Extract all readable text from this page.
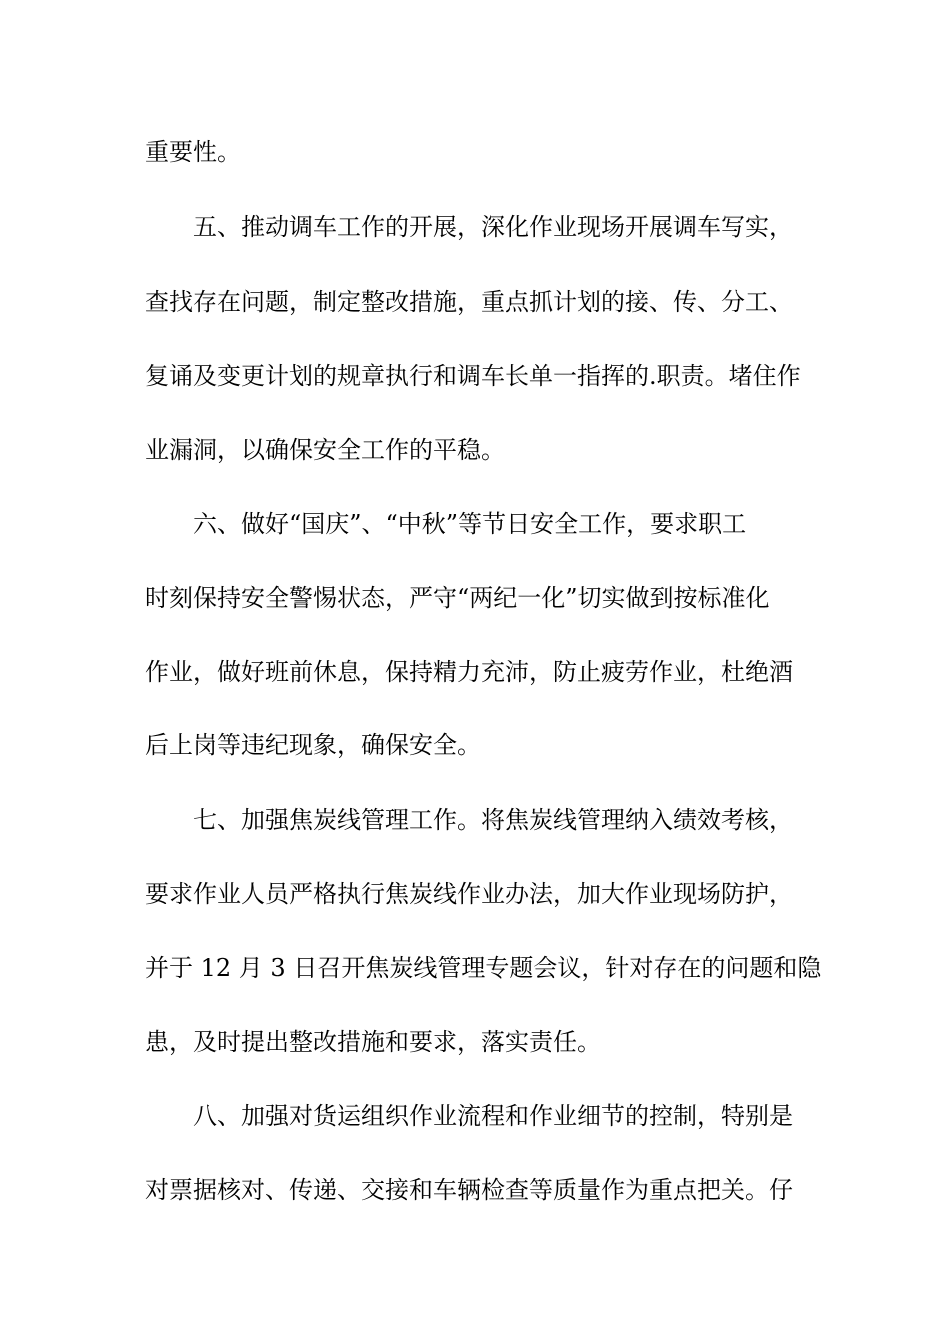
重要性。
五、推动调车工作的开展，深化作业现场开展调车写实，
查找存在问题，制定整改措施，重点抓计划的接、传、分工、
复诵及变更计划的规章执行和调车长单一指挥的.职责。堵住作
业漏洞，以确保安全工作的平稳。
六、做好“国庆”、“中秋”等节日安全工作，要求职工
时刻保持安全警惕状态，严守“两纪一化”切实做到按标准化
作业，做好班前休息，保持精力充沛，防止疲劳作业，杜绝酒
后上岗等违纪现象，确保安全。
七、加强焦炭线管理工作。将焦炭线管理纳入绩效考核，
要求作业人员严格执行焦炭线作业办法，加大作业现场防护，
并于 12 月 3 日召开焦炭线管理专题会议，针对存在的问题和隐
患，及时提出整改措施和要求，落实责任。
八、加强对货运组织作业流程和作业细节的控制，特别是
对票据核对、传递、交接和车辆检查等质量作为重点把关。仔
